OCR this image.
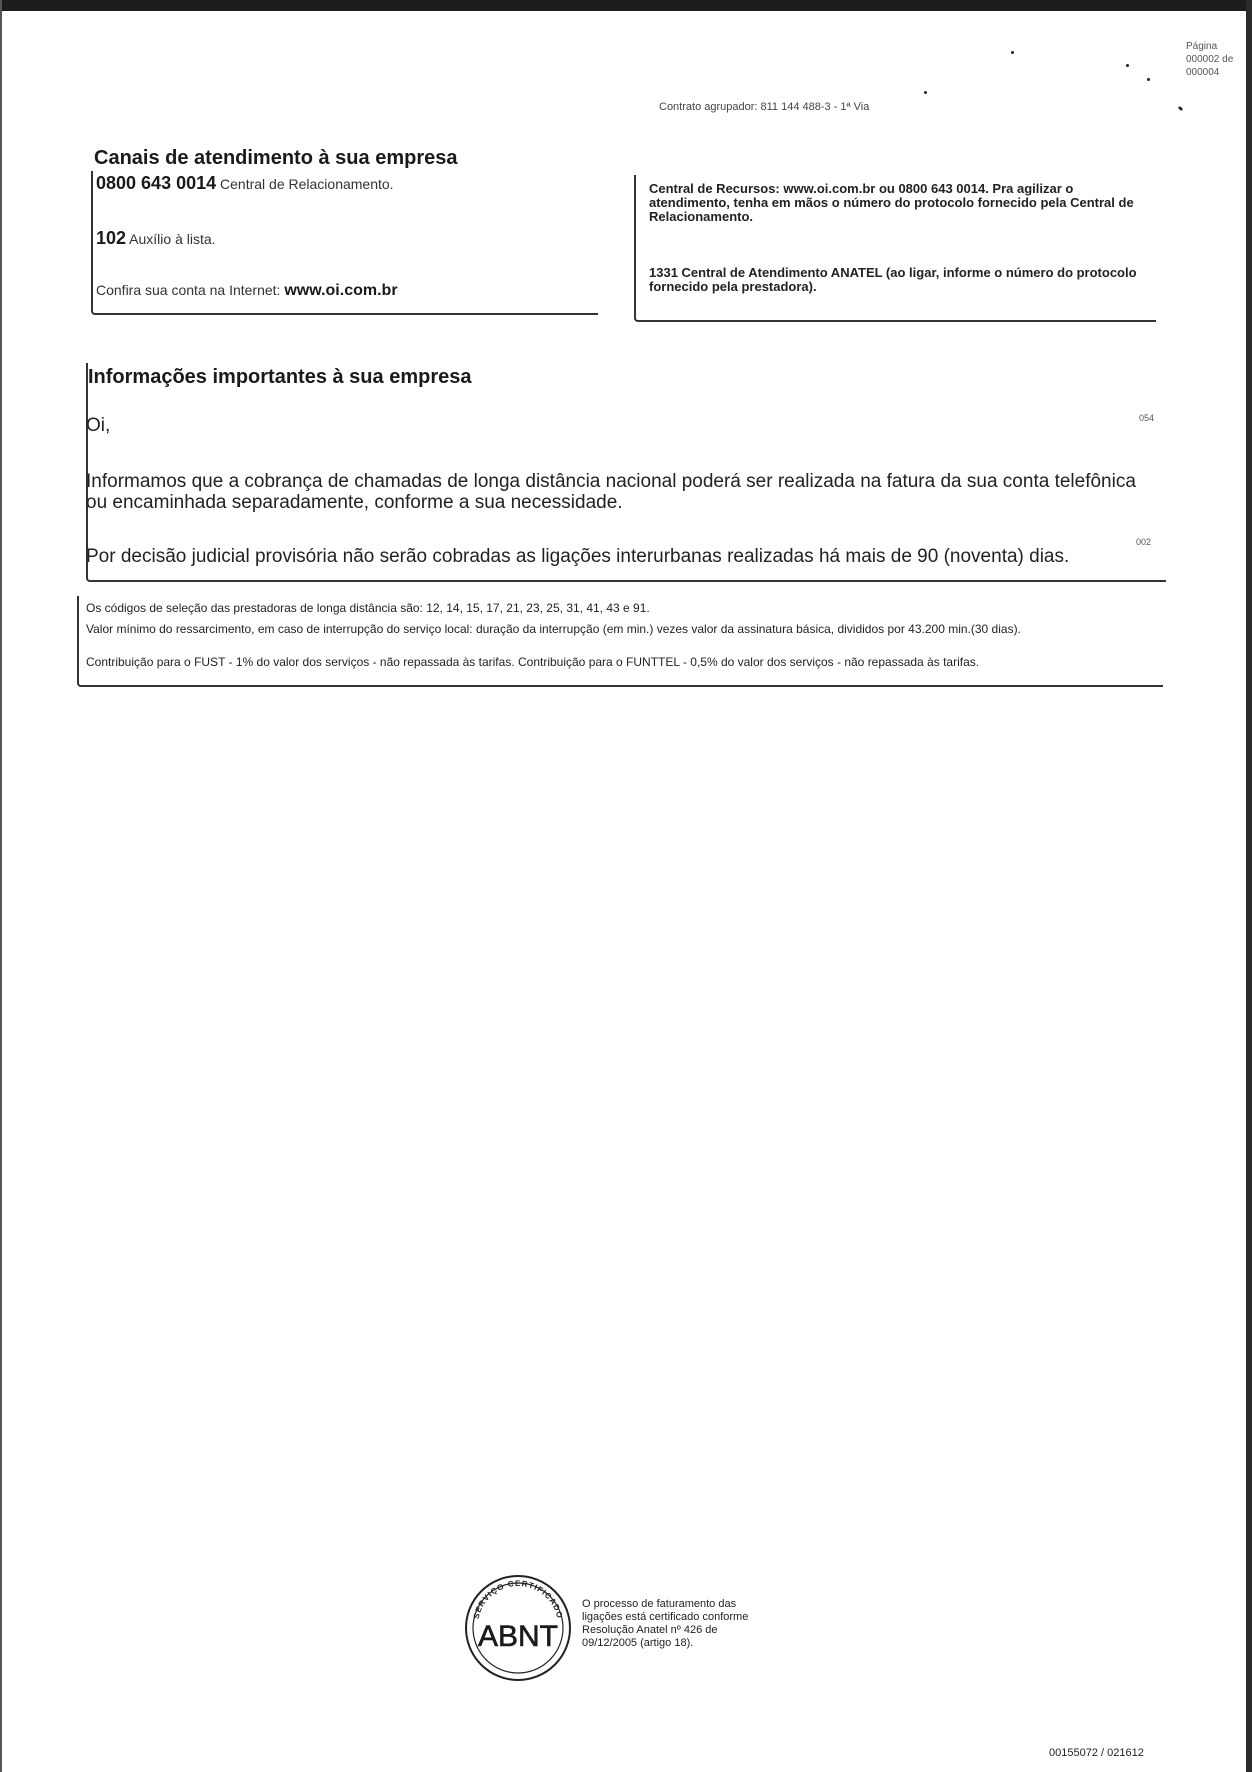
Página
000002 de
000004
Contrato agrupador: 811 144 488-3 - 1ª Via
Canais de atendimento à sua empresa
0800 643 0014 Central de Relacionamento.
102 Auxílio à lista.
Confira sua conta na Internet: www.oi.com.br

Central de Recursos: www.oi.com.br ou 0800 643 0014. Pra agilizar o atendimento, tenha em mãos o número do protocolo fornecido pela Central de Relacionamento.

1331 Central de Atendimento ANATEL (ao ligar, informe o número do protocolo fornecido pela prestadora).

Informações importantes à sua empresa

Oi,

Informamos que a cobrança de chamadas de longa distância nacional poderá ser realizada na fatura da sua conta telefônica ou encaminhada separadamente, conforme a sua necessidade.

Por decisão judicial provisória não serão cobradas as ligações interurbanas realizadas há mais de 90 (noventa) dias.

054
002

Os códigos de seleção das prestadoras de longa distância são: 12, 14, 15, 17, 21, 23, 25, 31, 41, 43 e 91.

Valor mínimo do ressarcimento, em caso de interrupção do serviço local: duração da interrupção (em min.) vezes valor da assinatura básica, divididos por 43.200 min.(30 dias).

Contribuição para o FUST - 1% do valor dos serviços - não repassada às tarifas. Contribuição para o FUNTTEL - 0,5% do valor dos serviços - não repassada às tarifas.

SERVIÇO CERTIFICADO
ABNT
O processo de faturamento das ligações está certificado conforme Resolução Anatel nº 426 de 09/12/2005 (artigo 18).
00155072 / 021612
